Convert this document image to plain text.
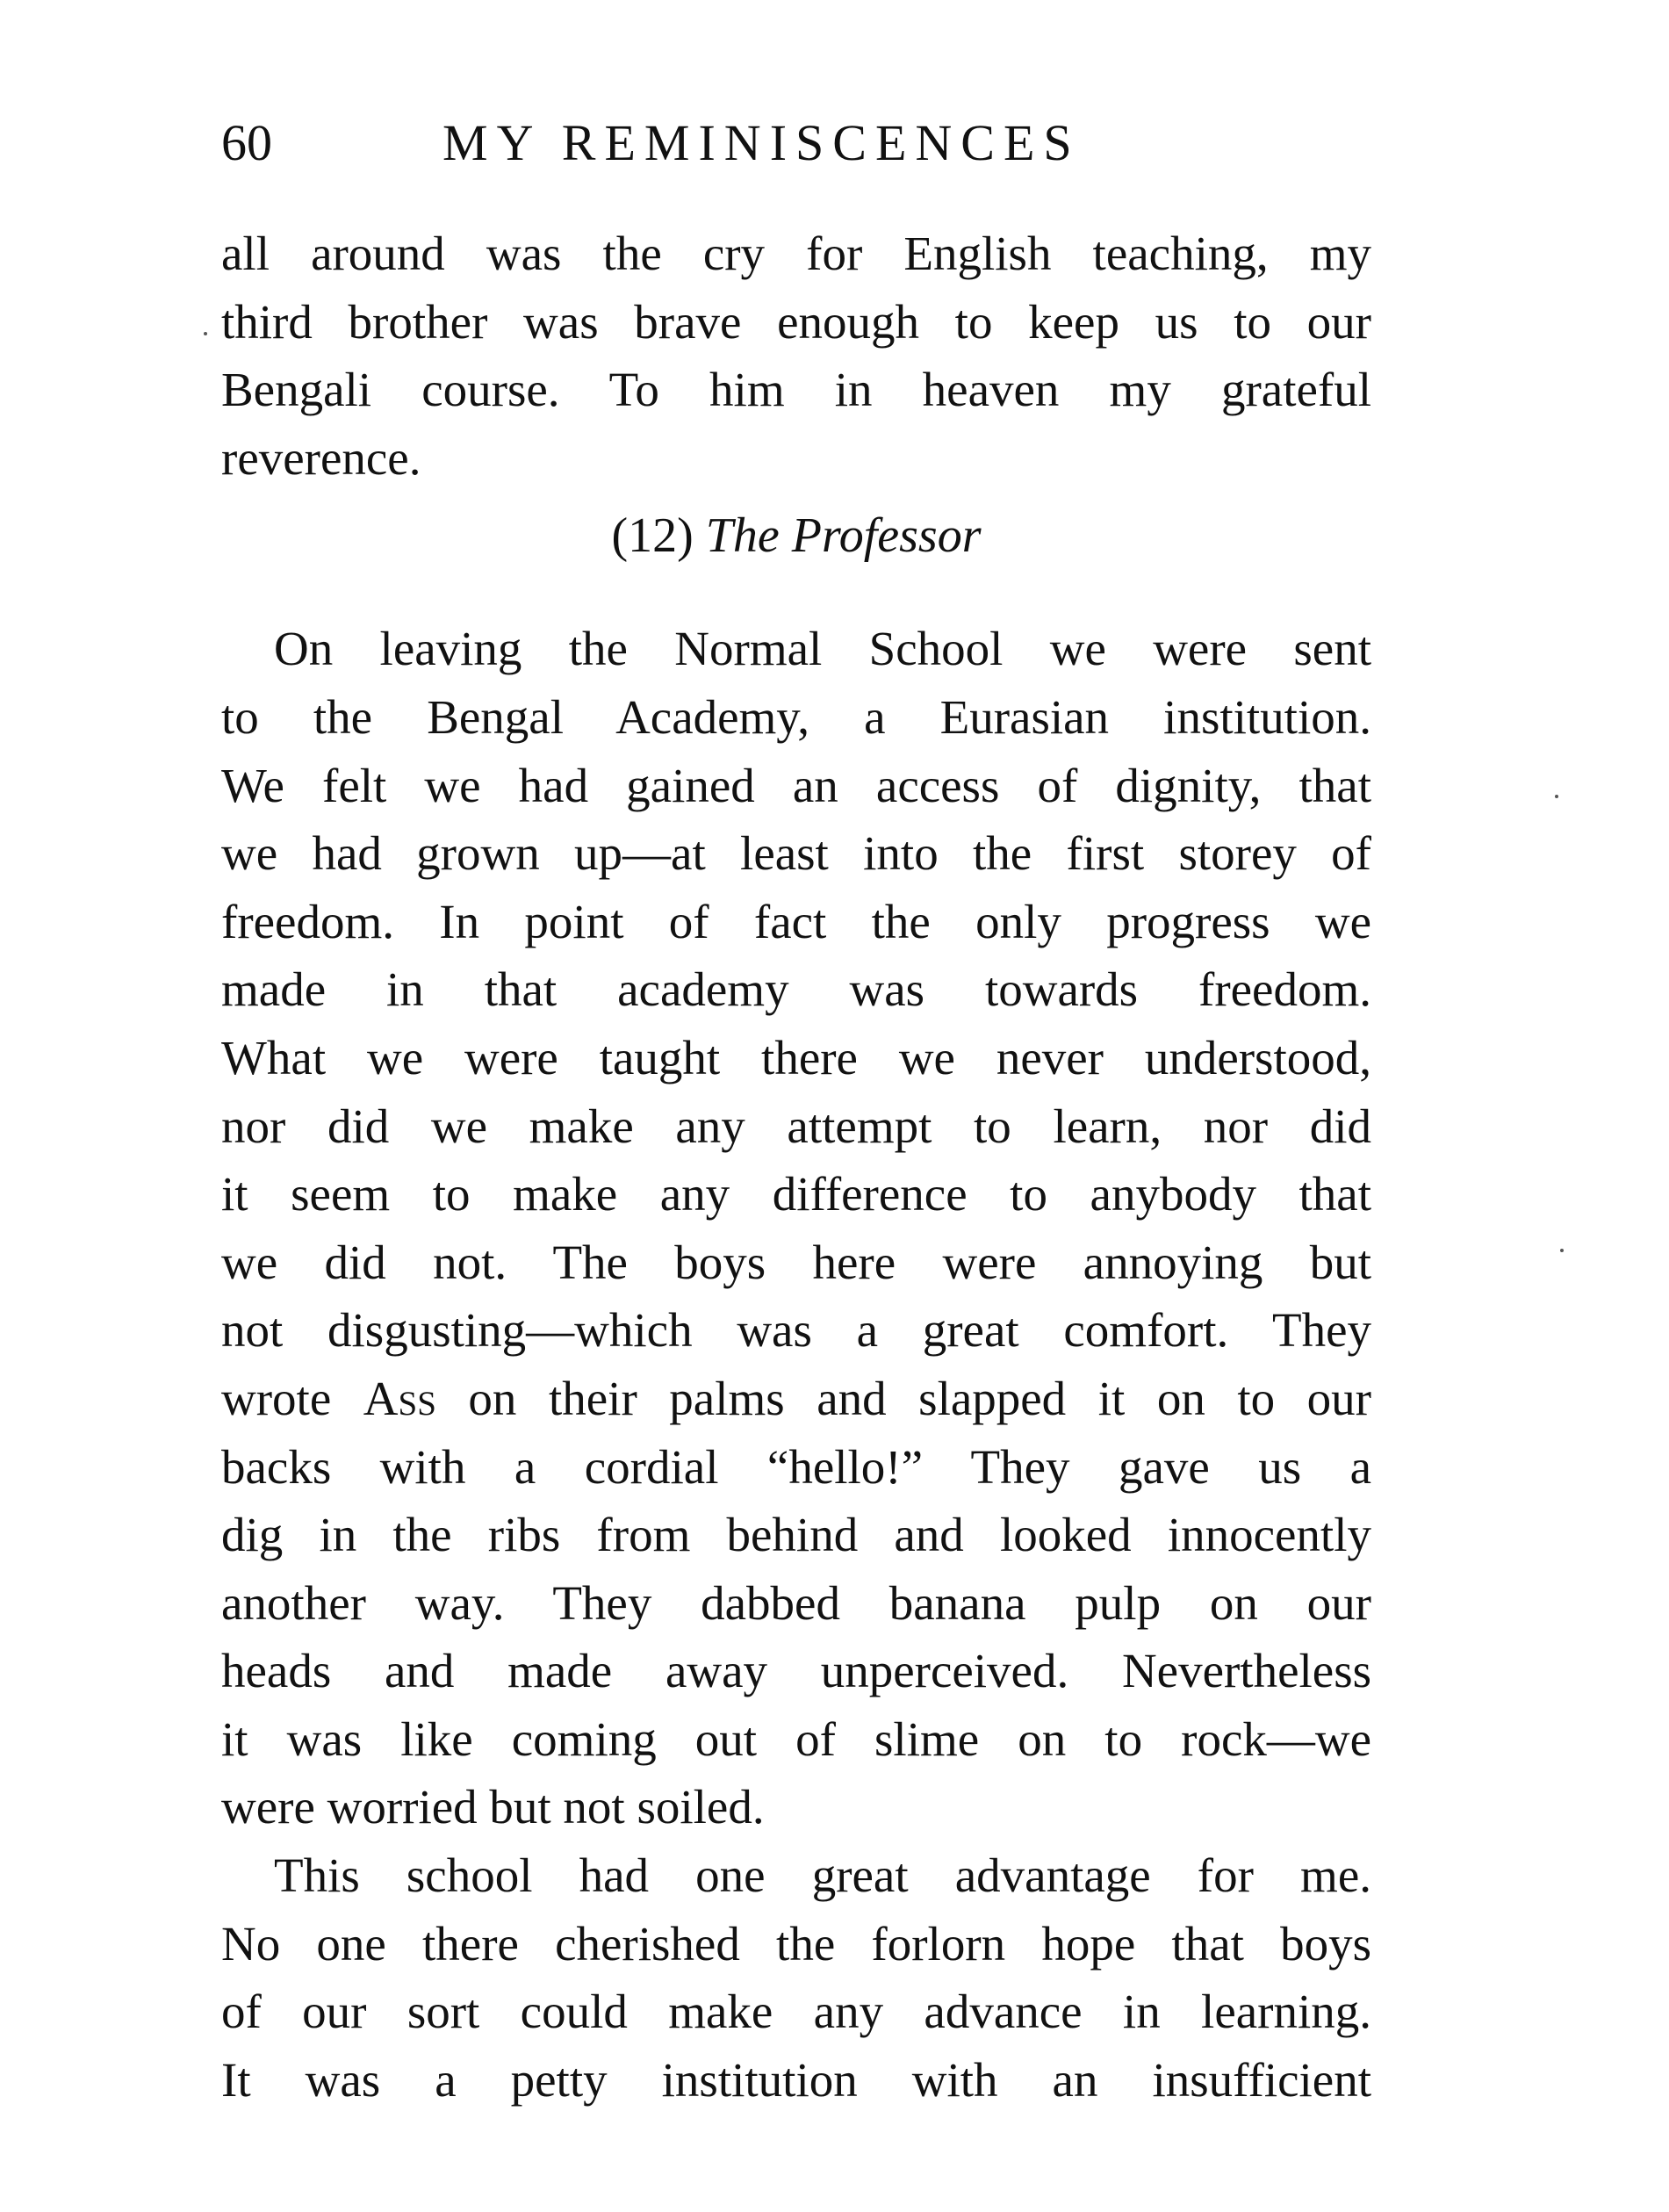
60	MY REMINISCENCES
all around was the cry for English teaching, my
third brother was brave enough to keep us to our
Bengali course. To him in heaven my grateful
reverence.
(12) The Professor
On leaving the Normal School we were sent
to the Bengal Academy, a Eurasian institution.
We felt we had gained an access of dignity, that
we had grown up—at least into the first storey of
freedom. In point of fact the only progress we
made in that academy was towards freedom.
What we were taught there we never understood,
nor did we make any attempt to learn, nor did
it seem to make any difference to anybody that
we did not. The boys here were annoying but
not disgusting—which was a great comfort. They
wrote Ass on their palms and slapped it on to our
backs with a cordial “hello!” They gave us a
dig in the ribs from behind and looked innocently
another way. They dabbed banana pulp on our
heads and made away unperceived. Nevertheless
it was like coming out of slime on to rock—we
were worried but not soiled.
This school had one great advantage for me.
No one there cherished the forlorn hope that boys
of our sort could make any advance in learning.
It was a petty institution with an insufficient
